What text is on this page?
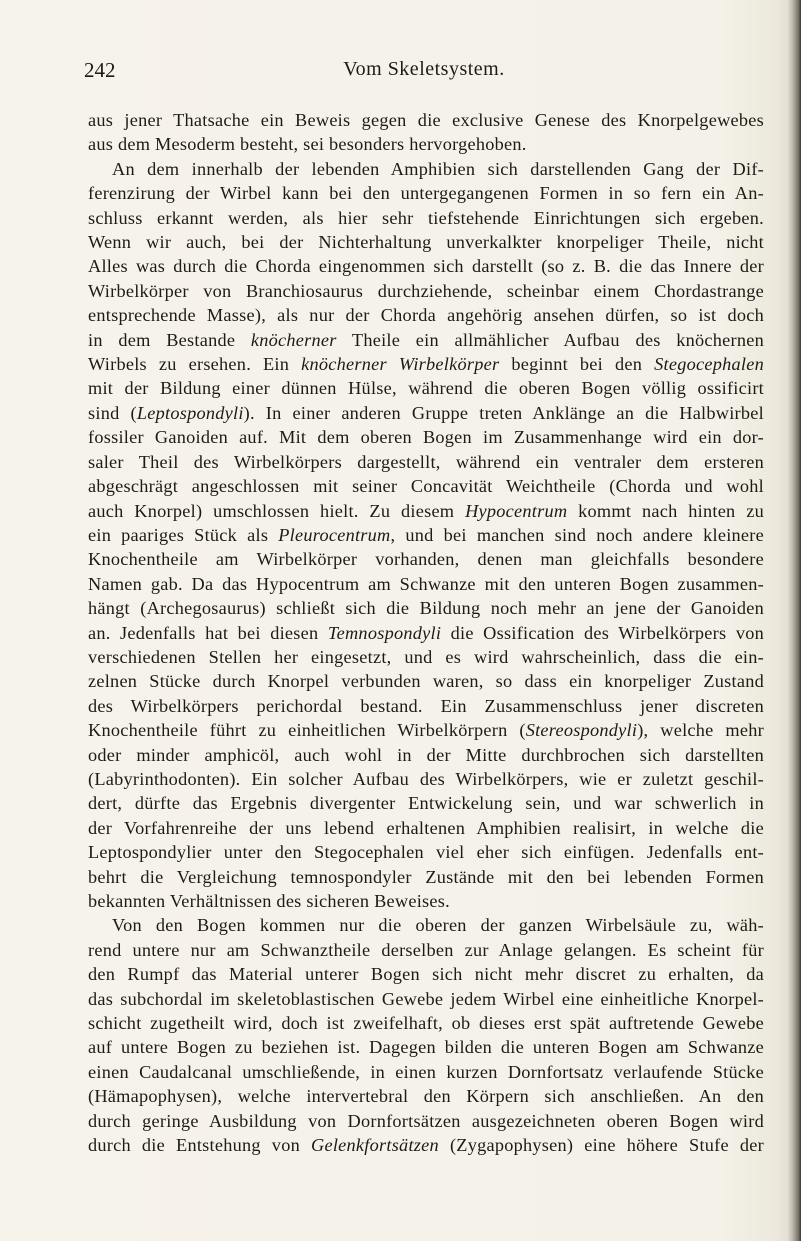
242	Vom Skeletsystem.

aus jener Thatsache ein Beweis gegen die exclusive Genese des Knorpelgewebes
aus dem Mesoderm besteht, sei besonders hervorgehoben.

An dem innerhalb der lebenden Amphibien sich darstellenden Gang der Dif-
ferenzirung der Wirbel kann bei den untergegangenen Formen in so fern ein An-
schluss erkannt werden, als hier sehr tiefstehende Einrichtungen sich ergeben.
Wenn wir auch, bei der Nichterhaltung unverkalkter knorpeliger Theile, nicht
Alles was durch die Chorda eingenommen sich darstellt (so z. B. die das Innere der
Wirbelkörper von Branchiosaurus durchziehende, scheinbar einem Chordastrange
entsprechende Masse), als nur der Chorda angehörig ansehen dürfen, so ist doch
in dem Bestande knöcherner Theile ein allmählicher Aufbau des knöchernen
Wirbels zu ersehen. Ein knöcherner Wirbelkörper beginnt bei den Stegocephalen
mit der Bildung einer dünnen Hülse, während die oberen Bogen völlig ossificirt
sind (Leptospondyli). In einer anderen Gruppe treten Anklänge an die Halbwirbel
fossiler Ganoiden auf. Mit dem oberen Bogen im Zusammenhange wird ein dor-
saler Theil des Wirbelkörpers dargestellt, während ein ventraler dem ersteren
abgeschrägt angeschlossen mit seiner Concavität Weichtheile (Chorda und wohl
auch Knorpel) umschlossen hielt. Zu diesem Hypocentrum kommt nach hinten zu
ein paariges Stück als Pleurocentrum, und bei manchen sind noch andere kleinere
Knochentheile am Wirbelkörper vorhanden, denen man gleichfalls besondere
Namen gab. Da das Hypocentrum am Schwanze mit den unteren Bogen zusammen-
hängt (Archegosaurus) schließt sich die Bildung noch mehr an jene der Ganoiden
an. Jedenfalls hat bei diesen Temnospondyli die Ossification des Wirbelkörpers von
verschiedenen Stellen her eingesetzt, und es wird wahrscheinlich, dass die ein-
zelnen Stücke durch Knorpel verbunden waren, so dass ein knorpeliger Zustand
des Wirbelkörpers perichordal bestand. Ein Zusammenschluss jener discreten
Knochentheile führt zu einheitlichen Wirbelkörpern (Stereospondyli), welche mehr
oder minder amphicöl, auch wohl in der Mitte durchbrochen sich darstellten
(Labyrinthodonten). Ein solcher Aufbau des Wirbelkörpers, wie er zuletzt geschil-
dert, dürfte das Ergebnis divergenter Entwickelung sein, und war schwerlich in
der Vorfahrenreihe der uns lebend erhaltenen Amphibien realisirt, in welche die
Leptospondylier unter den Stegocephalen viel eher sich einfügen. Jedenfalls ent-
behrt die Vergleichung temnospondyler Zustände mit den bei lebenden Formen
bekannten Verhältnissen des sicheren Beweises.

Von den Bogen kommen nur die oberen der ganzen Wirbelsäule zu, wäh-
rend untere nur am Schwanztheile derselben zur Anlage gelangen. Es scheint für
den Rumpf das Material unterer Bogen sich nicht mehr discret zu erhalten, da
das subchordal im skeletoblastischen Gewebe jedem Wirbel eine einheitliche Knorpel-
schicht zugetheilt wird, doch ist zweifelhaft, ob dieses erst spät auftretende Gewebe
auf untere Bogen zu beziehen ist. Dagegen bilden die unteren Bogen am Schwanze
einen Caudalcanal umschließende, in einen kurzen Dornfortsatz verlaufende Stücke
(Hämapophysen), welche intervertebral den Körpern sich anschließen. An den
durch geringe Ausbildung von Dornfortsätzen ausgezeichneten oberen Bogen wird
durch die Entstehung von Gelenkfortsätzen (Zygapophysen) eine höhere Stufe der
